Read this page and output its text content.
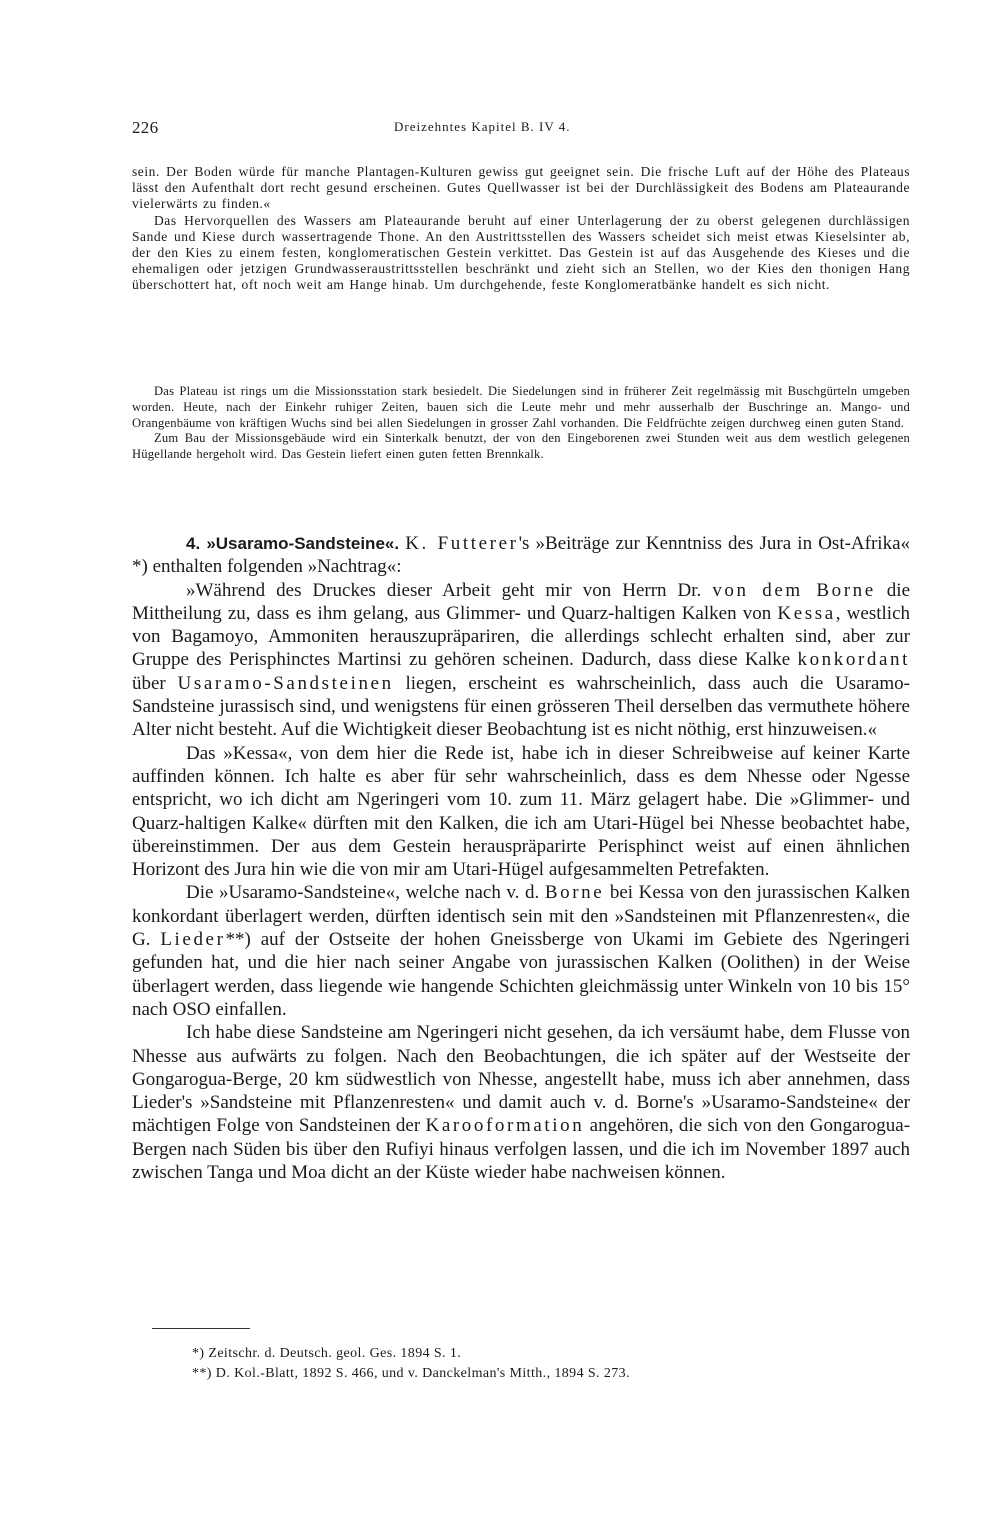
226	Dreizehntes Kapitel B. IV 4.

sein. Der Boden würde für manche Plantagen-Kulturen gewiss gut geeignet sein. Die frische Luft auf der Höhe des Plateaus lässt den Aufenthalt dort recht gesund erscheinen. Gutes Quellwasser ist bei der Durchlässigkeit des Bodens am Plateaurande vielerwärts zu finden.«

Das Hervorquellen des Wassers am Plateaurande beruht auf einer Unterlagerung der zu oberst gelegenen durchlässigen Sande und Kiese durch wassertragende Thone. An den Austrittsstellen des Wassers scheidet sich meist etwas Kieselsinter ab, der den Kies zu einem festen, konglomeratischen Gestein verkittet. Das Gestein ist auf das Ausgehende des Kieses und die ehemaligen oder jetzigen Grundwasseraustrittsstellen beschränkt und zieht sich an Stellen, wo der Kies den thonigen Hang überschottert hat, oft noch weit am Hange hinab. Um durchgehende, feste Konglomeratbänke handelt es sich nicht.

Das Plateau ist rings um die Missionsstation stark besiedelt. Die Siedelungen sind in früherer Zeit regelmässig mit Buschgürteln umgeben worden. Heute, nach der Einkehr ruhiger Zeiten, bauen sich die Leute mehr und mehr ausserhalb der Buschringe an. Mango- und Orangenbäume von kräftigen Wuchs sind bei allen Siedelungen in grosser Zahl vorhanden. Die Feldfrüchte zeigen durchweg einen guten Stand.

Zum Bau der Missionsgebäude wird ein Sinterkalk benutzt, der von den Eingeborenen zwei Stunden weit aus dem westlich gelegenen Hügellande hergeholt wird. Das Gestein liefert einen guten fetten Brennkalk.

4. »Usaramo-Sandsteine«. K. Futterer's »Beiträge zur Kenntniss des Jura in Ost-Afrika« *) enthalten folgenden »Nachtrag«:

»Während des Druckes dieser Arbeit geht mir von Herrn Dr. von dem Borne die Mittheilung zu, dass es ihm gelang, aus Glimmer- und Quarz-haltigen Kalken von Kessa, westlich von Bagamoyo, Ammoniten herauszupräpariren, die allerdings schlecht erhalten sind, aber zur Gruppe des Perisphinctes Martinsi zu gehören scheinen. Dadurch, dass diese Kalke konkordant über Usaramo-Sandsteinen liegen, erscheint es wahrscheinlich, dass auch die Usaramo-Sandsteine jurassisch sind, und wenigstens für einen grösseren Theil derselben das vermuthete höhere Alter nicht besteht. Auf die Wichtigkeit dieser Beobachtung ist es nicht nöthig, erst hinzuweisen.«

Das »Kessa«, von dem hier die Rede ist, habe ich in dieser Schreibweise auf keiner Karte auffinden können. Ich halte es aber für sehr wahrscheinlich, dass es dem Nhesse oder Ngesse entspricht, wo ich dicht am Ngeringeri vom 10. zum 11. März gelagert habe. Die »Glimmer- und Quarz-haltigen Kalke« dürften mit den Kalken, die ich am Utari-Hügel bei Nhesse beobachtet habe, übereinstimmen. Der aus dem Gestein herauspräparirte Perisphinct weist auf einen ähnlichen Horizont des Jura hin wie die von mir am Utari-Hügel aufgesammelten Petrefakten.

Die »Usaramo-Sandsteine«, welche nach v. d. Borne bei Kessa von den jurassischen Kalken konkordant überlagert werden, dürften identisch sein mit den »Sandsteinen mit Pflanzenresten«, die G. Lieder**) auf der Ostseite der hohen Gneissberge von Ukami im Gebiete des Ngeringeri gefunden hat, und die hier nach seiner Angabe von jurassischen Kalken (Oolithen) in der Weise überlagert werden, dass liegende wie hangende Schichten gleichmässig unter Winkeln von 10 bis 15° nach OSO einfallen.

Ich habe diese Sandsteine am Ngeringeri nicht gesehen, da ich versäumt habe, dem Flusse von Nhesse aus aufwärts zu folgen. Nach den Beobachtungen, die ich später auf der Westseite der Gongarogua-Berge, 20 km südwestlich von Nhesse, angestellt habe, muss ich aber annehmen, dass Lieder's »Sandsteine mit Pflanzenresten« und damit auch v. d. Borne's »Usaramo-Sandsteine« der mächtigen Folge von Sandsteinen der Karooformation angehören, die sich von den Gongarogua-Bergen nach Süden bis über den Rufiyi hinaus verfolgen lassen, und die ich im November 1897 auch zwischen Tanga und Moa dicht an der Küste wieder habe nachweisen können.

*) Zeitschr. d. Deutsch. geol. Ges. 1894 S. 1.

**) D. Kol.-Blatt, 1892 S. 466, und v. Danckelman's Mitth., 1894 S. 273.
